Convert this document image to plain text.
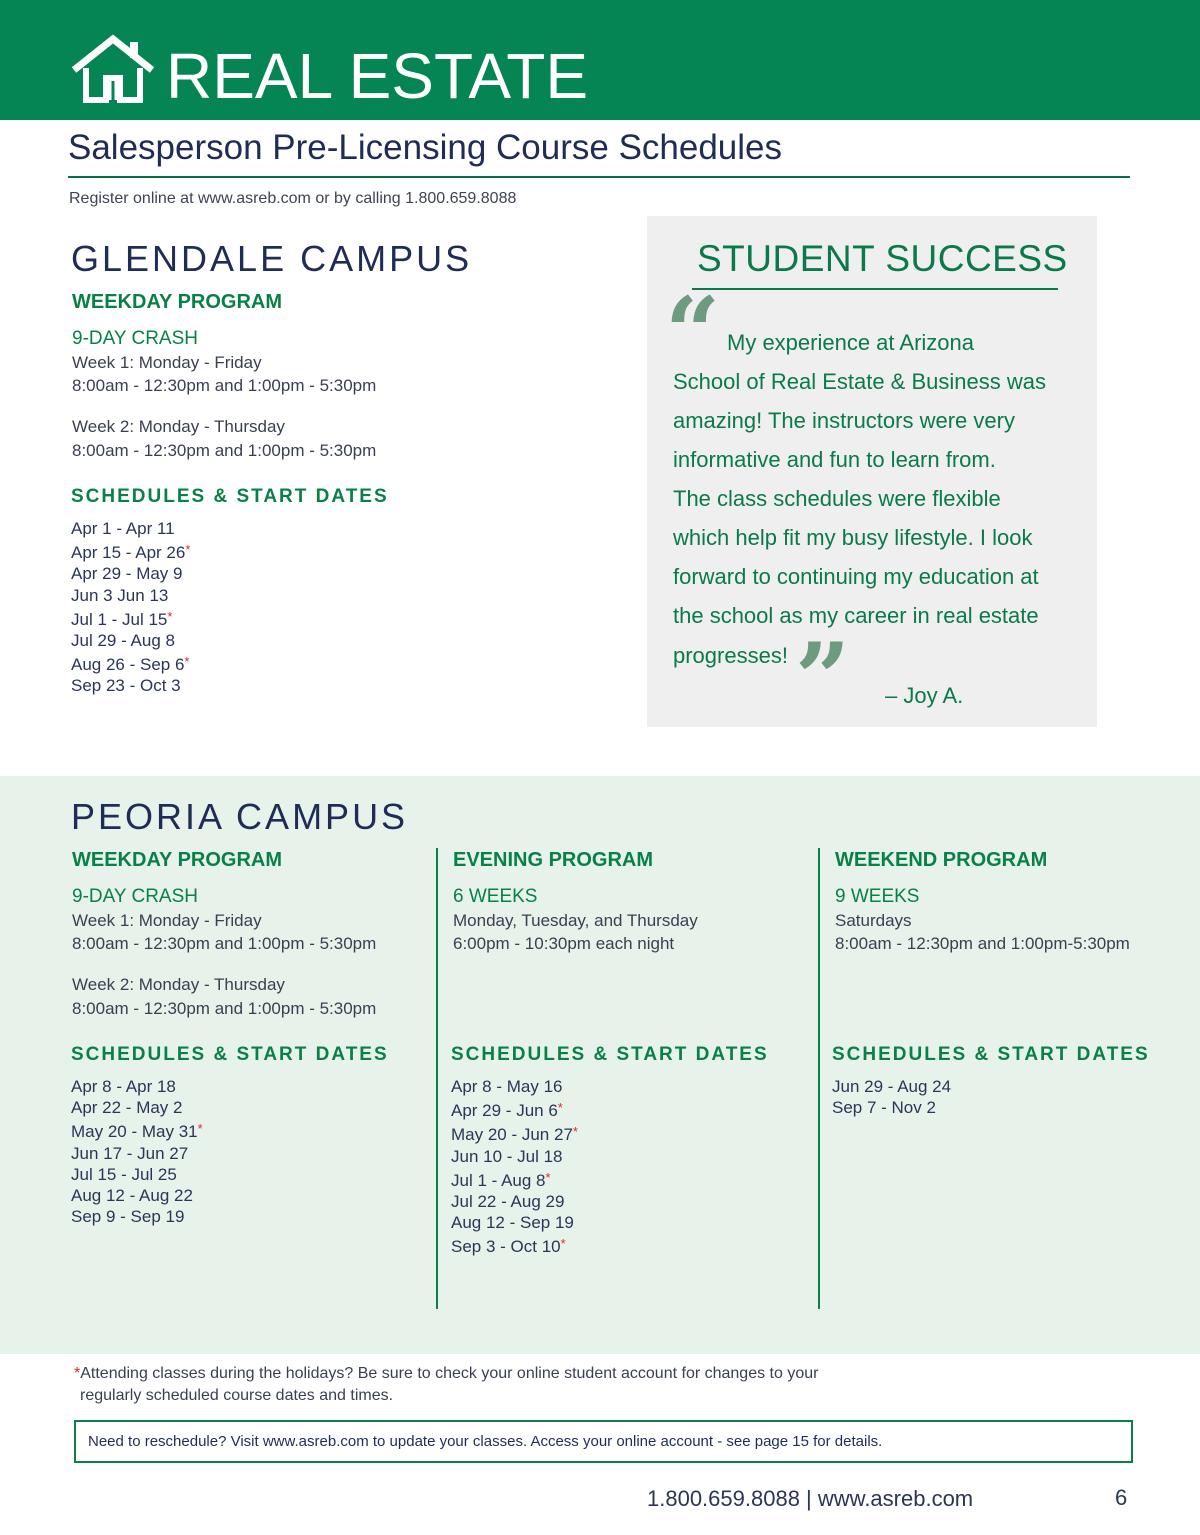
REAL ESTATE
Salesperson Pre-Licensing Course Schedules
Register online at www.asreb.com or by calling 1.800.659.8088
GLENDALE CAMPUS
WEEKDAY PROGRAM
9-DAY CRASH
Week 1: Monday - Friday
8:00am - 12:30pm and 1:00pm - 5:30pm
Week 2: Monday - Thursday
8:00am - 12:30pm and 1:00pm - 5:30pm
SCHEDULES & START DATES
Apr 1 - Apr 11
Apr 15 - Apr 26*
Apr 29 - May 9
Jun 3 Jun 13
Jul 1 - Jul 15*
Jul 29 - Aug 8
Aug 26 - Sep 6*
Sep 23 - Oct 3
STUDENT SUCCESS
“ My experience at Arizona
School of Real Estate & Business was
amazing! The instructors were very
informative and fun to learn from.
The class schedules were flexible
which help fit my busy lifestyle. I look
forward to continuing my education at
the school as my career in real estate
progresses! ” – Joy A.
PEORIA CAMPUS
WEEKDAY PROGRAM
9-DAY CRASH
Week 1: Monday - Friday
8:00am - 12:30pm and 1:00pm - 5:30pm
Week 2: Monday - Thursday
8:00am - 12:30pm and 1:00pm - 5:30pm
SCHEDULES & START DATES
Apr 8 - Apr 18
Apr 22 - May 2
May 20 - May 31*
Jun 17 - Jun 27
Jul 15 - Jul 25
Aug 12 - Aug 22
Sep 9 - Sep 19
EVENING PROGRAM
6 WEEKS
Monday, Tuesday, and Thursday
6:00pm - 10:30pm each night
SCHEDULES & START DATES
Apr 8 - May 16
Apr 29 - Jun 6*
May 20 - Jun 27*
Jun 10 - Jul 18
Jul 1 - Aug 8*
Jul 22 - Aug 29
Aug 12 - Sep 19
Sep 3 - Oct 10*
WEEKEND PROGRAM
9 WEEKS
Saturdays
8:00am - 12:30pm and 1:00pm-5:30pm
SCHEDULES & START DATES
Jun 29 - Aug 24
Sep 7 - Nov 2
*Attending classes during the holidays? Be sure to check your online student account for changes to your
regularly scheduled course dates and times.
Need to reschedule? Visit www.asreb.com to update your classes. Access your online account - see page 15 for details.
1.800.659.8088 | www.asreb.com	6
